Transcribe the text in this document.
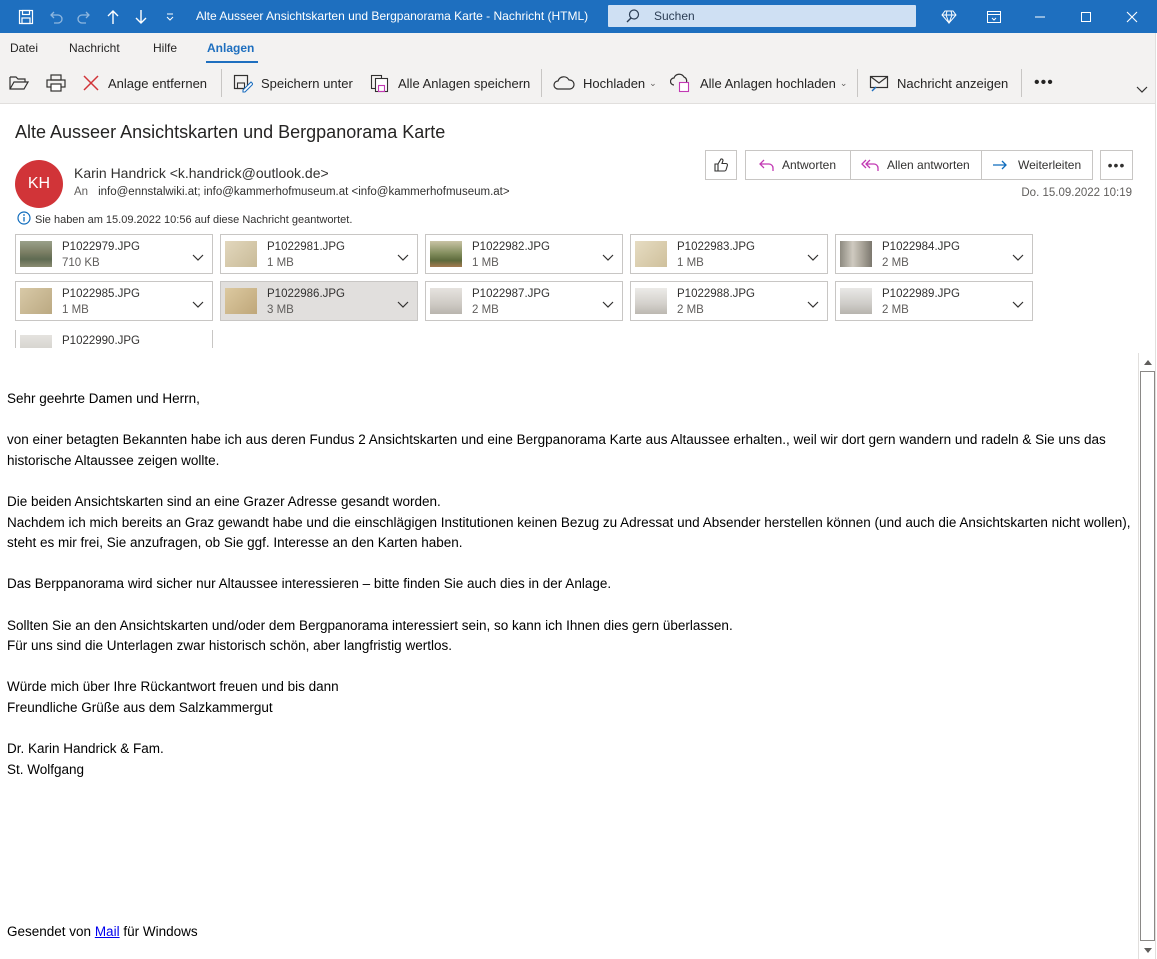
Alte Ausseer Ansichtskarten und Bergpanorama Karte - Nachricht (HTML)	Suchen
Datei	Nachricht	Hilfe Anlagen
Anlage entfernen	Speichern unter	Alle Anlagen speichern	Hochladen ⌄	Alle Anlagen hochladen ⌄	Nachricht anzeigen •••
Alte Ausseer Ansichtskarten und Bergpanorama Karte
KH
Karin Handrick <k.handrick@outlook.de>
An info@ennstalwiki.at; info@kammerhofmuseum.at <info@kammerhofmuseum.at>	Do. 15.09.2022 10:19
Sie haben am 15.09.2022 10:56 auf diese Nachricht geantwortet.
Antworten	Allen antworten	Weiterleiten •••
P1022979.JPG
710 KB
P1022981.JPG
1 MB
P1022982.JPG
1 MB
P1022983.JPG
1 MB
P1022984.JPG
2 MB
P1022985.JPG
1 MB
P1022986.JPG
3 MB
P1022987.JPG
2 MB
P1022988.JPG
2 MB
P1022989.JPG
2 MB
P1022990.JPG

Sehr geehrte Damen und Herrn,

von einer betagten Bekannten habe ich aus deren Fundus 2 Ansichtskarten und eine Bergpanorama Karte aus Altaussee erhalten., weil wir dort gern wandern und radeln & Sie uns das historische Altaussee zeigen wollte.

Die beiden Ansichtskarten sind an eine Grazer Adresse gesandt worden.
Nachdem ich mich bereits an Graz gewandt habe und die einschlägigen Institutionen keinen Bezug zu Adressat und Absender herstellen können (und auch die Ansichtskarten nicht wollen), steht es mir frei, Sie anzufragen, ob Sie ggf. Interesse an den Karten haben.

Das Berppanorama wird sicher nur Altaussee interessieren – bitte finden Sie auch dies in der Anlage.

Sollten Sie an den Ansichtskarten und/oder dem Bergpanorama interessiert sein, so kann ich Ihnen dies gern überlassen.
Für uns sind die Unterlagen zwar historisch schön, aber langfristig wertlos.

Würde mich über Ihre Rückantwort freuen und bis dann
Freundliche Grüße aus dem Salzkammergut

Dr. Karin Handrick & Fam.
St. Wolfgang

Gesendet von Mail für Windows
